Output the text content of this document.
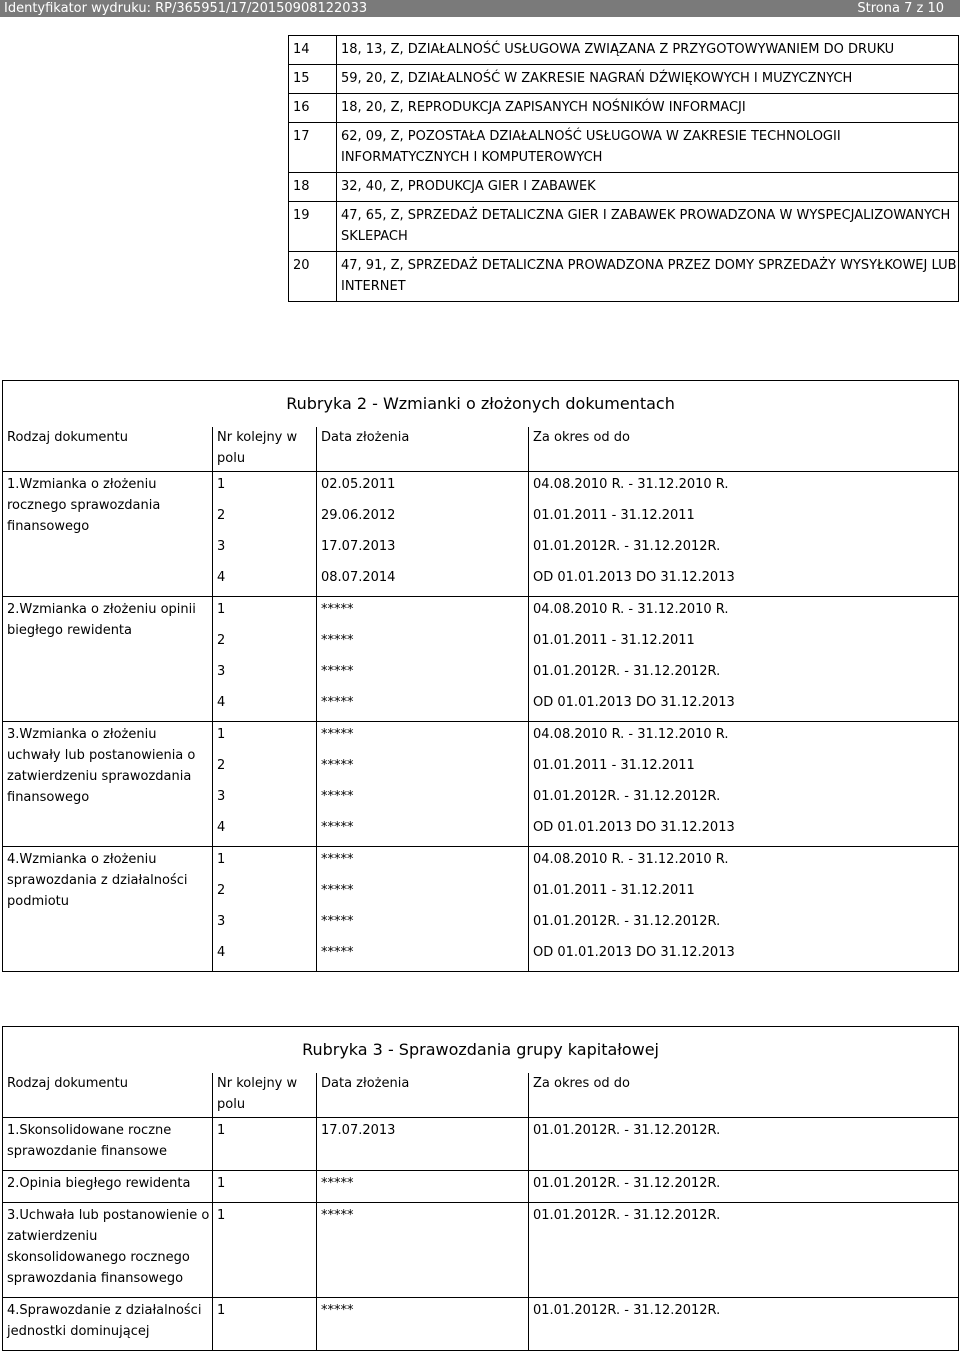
Identyfikator wydruku: RP/365951/17/20150908122033	Strona 7 z 10
14	18, 13, Z, DZIAŁALNOŚĆ USŁUGOWA ZWIĄZANA Z PRZYGOTOWYWANIEM DO DRUKU
15	59, 20, Z, DZIAŁALNOŚĆ W ZAKRESIE NAGRAŃ DŹWIĘKOWYCH I MUZYCZNYCH
16	18, 20, Z, REPRODUKCJA ZAPISANYCH NOŚNIKÓW INFORMACJI
17	62, 09, Z, POZOSTAŁA DZIAŁALNOŚĆ USŁUGOWA W ZAKRESIE TECHNOLOGII INFORMATYCZNYCH I KOMPUTEROWYCH
18	32, 40, Z, PRODUKCJA GIER I ZABAWEK
19	47, 65, Z, SPRZEDAŻ DETALICZNA GIER I ZABAWEK PROWADZONA W WYSPECJALIZOWANYCH SKLEPACH
20	47, 91, Z, SPRZEDAŻ DETALICZNA PROWADZONA PRZEZ DOMY SPRZEDAŻY WYSYŁKOWEJ LUB INTERNET
Rubryka 2 - Wzmianki o złożonych dokumentach			
Rodzaj dokumentu	Nr kolejny w polu	Data złożenia	Za okres od do
1.Wzmianka o złożeniu rocznego sprawozdania finansowego	1	02.05.2011	04.08.2010 R. - 31.12.2010 R.
	2	29.06.2012	01.01.2011 - 31.12.2011
	3	17.07.2013	01.01.2012R. - 31.12.2012R.
	4	08.07.2014	OD 01.01.2013 DO 31.12.2013
2.Wzmianka o złożeniu opinii biegłego rewidenta	1	*****	04.08.2010 R. - 31.12.2010 R.
	2	*****	01.01.2011 - 31.12.2011
	3	*****	01.01.2012R. - 31.12.2012R.
	4	*****	OD 01.01.2013 DO 31.12.2013
3.Wzmianka o złożeniu uchwały lub postanowienia o zatwierdzeniu sprawozdania finansowego	1	*****	04.08.2010 R. - 31.12.2010 R.
	2	*****	01.01.2011 - 31.12.2011
	3	*****	01.01.2012R. - 31.12.2012R.
	4	*****	OD 01.01.2013 DO 31.12.2013
4.Wzmianka o złożeniu sprawozdania z działalności podmiotu	1	*****	04.08.2010 R. - 31.12.2010 R.
	2	*****	01.01.2011 - 31.12.2011
	3	*****	01.01.2012R. - 31.12.2012R.
	4	*****	OD 01.01.2013 DO 31.12.2013
Rubryka 3 - Sprawozdania grupy kapitałowej			
Rodzaj dokumentu	Nr kolejny w polu	Data złożenia	Za okres od do
1.Skonsolidowane roczne sprawozdanie finansowe	1	17.07.2013	01.01.2012R. - 31.12.2012R.
2.Opinia biegłego rewidenta	1	*****	01.01.2012R. - 31.12.2012R.
3.Uchwała lub postanowienie o zatwierdzeniu skonsolidowanego rocznego sprawozdania finansowego	1	*****	01.01.2012R. - 31.12.2012R.
4.Sprawozdanie z działalności jednostki dominującej	1	*****	01.01.2012R. - 31.12.2012R.
